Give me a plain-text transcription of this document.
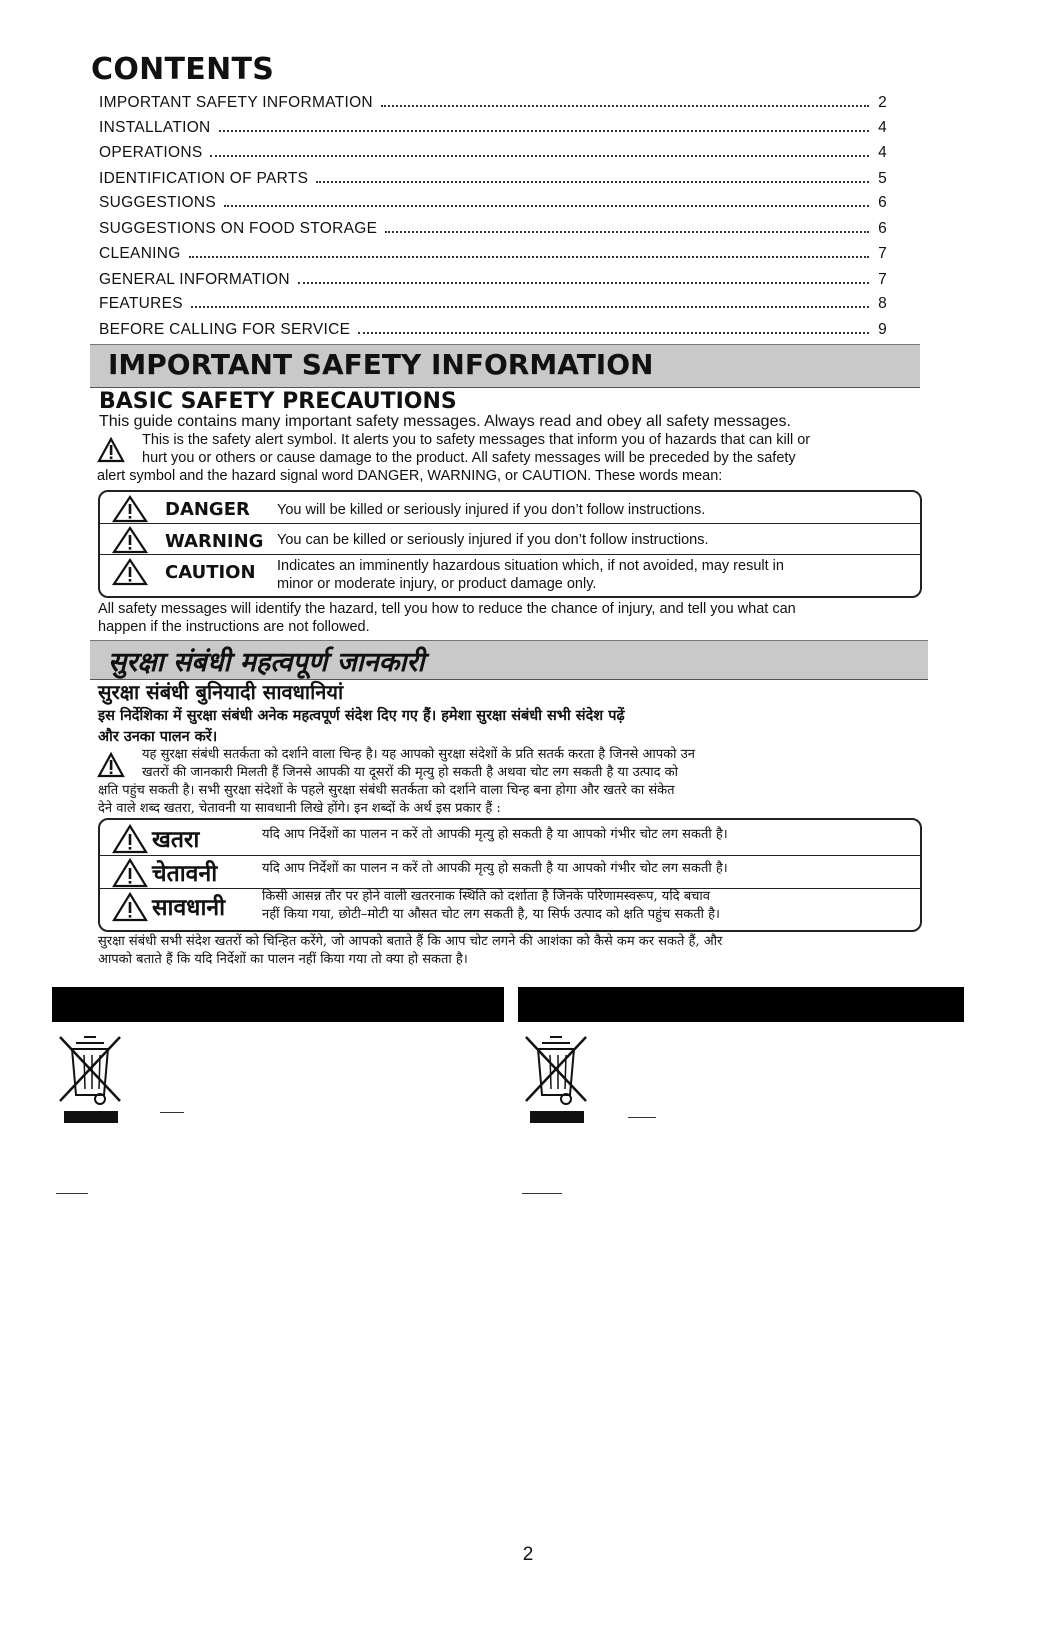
CONTENTS
IMPORTANT SAFETY INFORMATION	2
INSTALLATION	4
OPERATIONS	4
IDENTIFICATION OF PARTS	5
SUGGESTIONS	6
SUGGESTIONS ON FOOD STORAGE	6
CLEANING	7
GENERAL INFORMATION	7
FEATURES	8
BEFORE CALLING FOR SERVICE	9
IMPORTANT SAFETY INFORMATION
BASIC SAFETY PRECAUTIONS
This guide contains many important safety messages. Always read and obey all safety messages.
This is the safety alert symbol. It alerts you to safety messages that inform you of hazards that can kill or
hurt you or others or cause damage to the product. All safety messages will be preceded by the safety
alert symbol and the hazard signal word DANGER, WARNING, or CAUTION. These words mean:
DANGER You will be killed or seriously injured if you don’t follow instructions.
WARNING You can be killed or seriously injured if you don’t follow instructions.
CAUTION Indicates an imminently hazardous situation which, if not avoided, may result in
minor or moderate injury, or product damage only.
All safety messages will identify the hazard, tell you how to reduce the chance of injury, and tell you what can
happen if the instructions are not followed.
सुरक्षा संबंधी महत्वपूर्ण जानकारी
सुरक्षा संबंधी बुनियादी सावधानियां
इस निर्देशिका में सुरक्षा संबंधी अनेक महत्वपूर्ण संदेश दिए गए हैं। हमेशा सुरक्षा संबंधी सभी संदेश पढ़ें
और उनका पालन करें।
यह सुरक्षा संबंधी सतर्कता को दर्शाने वाला चिन्ह है। यह आपको सुरक्षा संदेशों के प्रति सतर्क करता है जिनसे आपको उन
खतरों की जानकारी मिलती हैं जिनसे आपकी या दूसरों की मृत्यु हो सकती है अथवा चोट लग सकती है या उत्पाद को
क्षति पहुंच सकती है। सभी सुरक्षा संदेशों के पहले सुरक्षा संबंधी सतर्कता को दर्शाने वाला चिन्ह बना होगा और खतरे का संकेत
देने वाले शब्द खतरा, चेतावनी या सावधानी लिखे होंगे। इन शब्दों के अर्थ इस प्रकार हैं :
खतरा	यदि आप निर्देशों का पालन न करें तो आपकी मृत्यु हो सकती है या आपको गंभीर चोट लग सकती है।
चेतावनी	यदि आप निर्देशों का पालन न करें तो आपकी मृत्यु हो सकती है या आपको गंभीर चोट लग सकती है।
सावधानी	किसी आसन्न तौर पर होने वाली खतरनाक स्थिति को दर्शाता है जिनके परिणामस्वरूप, यदि बचाव
नहीं किया गया, छोटी–मोटी या औसत चोट लग सकती है, या सिर्फ उत्पाद को क्षति पहुंच सकती है।
सुरक्षा संबंधी सभी संदेश खतरों को चिन्हित करेंगे, जो आपको बताते हैं कि आप चोट लगने की आशंका को कैसे कम कर सकते हैं, और
आपको बताते हैं कि यदि निर्देशों का पालन नहीं किया गया तो क्या हो सकता है।
2
